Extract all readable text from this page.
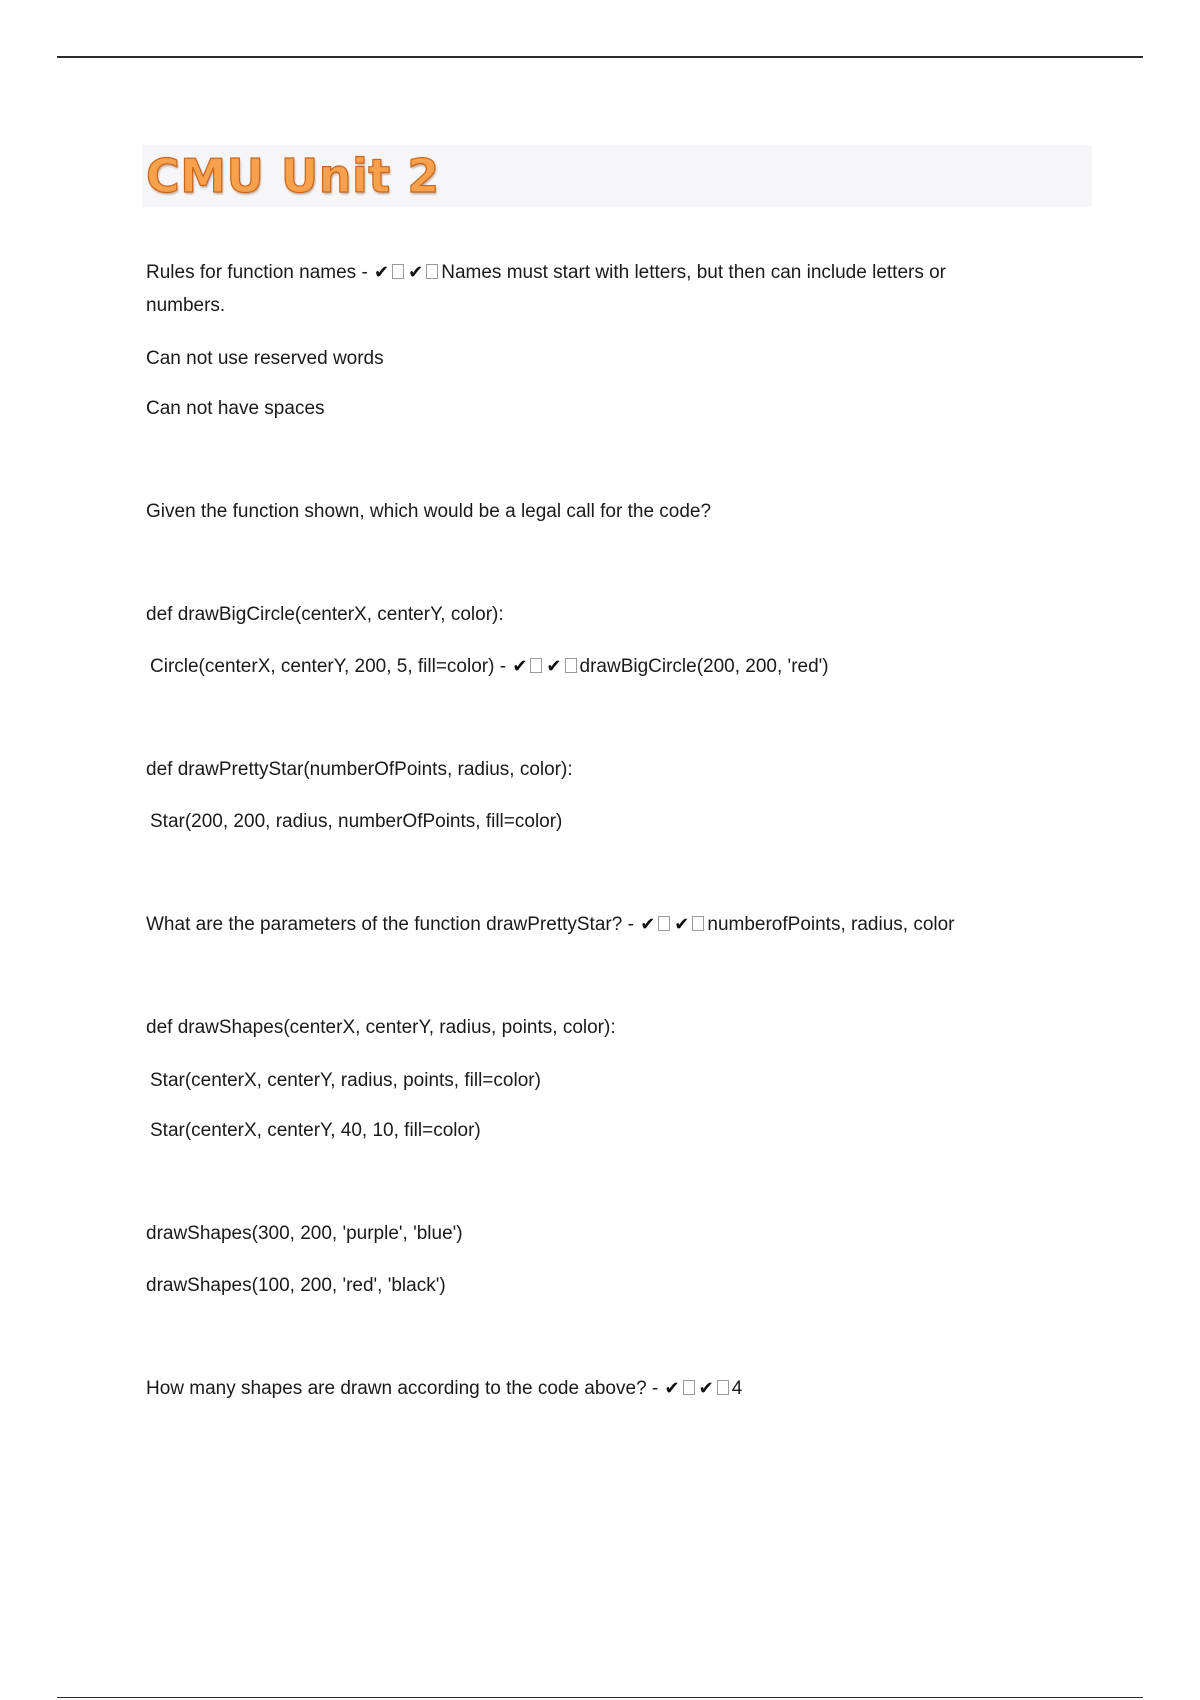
CMU Unit 2

Rules for function names - ✔ ✔ Names must start with letters, but then can include letters or

numbers.

Can not use reserved words

Can not have spaces

Given the function shown, which would be a legal call for the code?

def drawBigCircle(centerX, centerY, color):

Circle(centerX, centerY, 200, 5, fill=color) - ✔ ✔ drawBigCircle(200, 200, 'red')

def drawPrettyStar(numberOfPoints, radius, color):

Star(200, 200, radius, numberOfPoints, fill=color)

What are the parameters of the function drawPrettyStar? - ✔ ✔ numberofPoints, radius, color

def drawShapes(centerX, centerY, radius, points, color):

Star(centerX, centerY, radius, points, fill=color)

Star(centerX, centerY, 40, 10, fill=color)

drawShapes(300, 200, 'purple', 'blue')

drawShapes(100, 200, 'red', 'black')

How many shapes are drawn according to the code above? - ✔ ✔ 4
